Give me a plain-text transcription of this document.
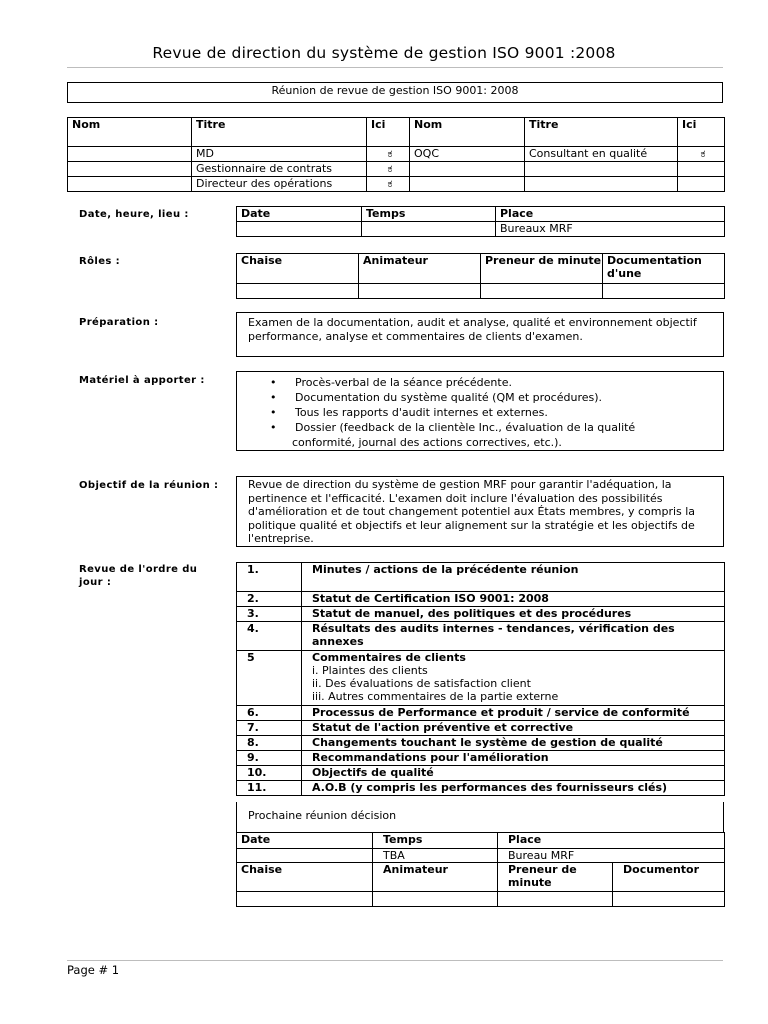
Revue de direction du système de gestion ISO 9001 :2008
Réunion de revue de gestion ISO 9001: 2008
Nom	Titre	Ici	Nom	Titre	Ici
	MD	ಕ	OQC	Consultant en qualité	ಕ
	Gestionnaire de contrats	ಕ			
	Directeur des opérations	ಕ			
Date, heure, lieu :	Date	Temps	Place
		Bureaux MRF
Rôles :	Chaise	Animateur	Preneur de minute	Documentation d'une

Préparation :	Examen de la documentation, audit et analyse, qualité et environnement objectif performance, analyse et commentaires de clients d'examen.
Matériel à apporter :	• Procès-verbal de la séance précédente.
• Documentation du système qualité (QM et procédures).
• Tous les rapports d'audit internes et externes.
• Dossier (feedback de la clientèle Inc., évaluation de la qualité
conformité, journal des actions correctives, etc.).
Objectif de la réunion :	Revue de direction du système de gestion MRF pour garantir l'adéquation, la pertinence et l'efficacité. L'examen doit inclure l'évaluation des possibilités d'amélioration et de tout changement potentiel aux États membres, y compris la politique qualité et objectifs et leur alignement sur la stratégie et les objectifs de l'entreprise.
Revue de l'ordre du jour :
1.	Minutes / actions de la précédente réunion
2.	Statut de Certification ISO 9001: 2008
3.	Statut de manuel, des politiques et des procédures
4.	Résultats des audits internes - tendances, vérification des annexes
5	Commentaires de clients
i. Plaintes des clients
ii. Des évaluations de satisfaction client
iii. Autres commentaires de la partie externe

6.	Processus de Performance et produit / service de conformité
7.	Statut de l'action préventive et corrective
8.	Changements touchant le système de gestion de qualité
9.	Recommandations pour l'amélioration
10.	Objectifs de qualité
11.	A.O.B (y compris les performances des fournisseurs clés)
Prochaine réunion décision
Date	Temps	Place	
	TBA	Bureau MRF	
Chaise	Animateur	Preneur de minute	Documentor

Page # 1
